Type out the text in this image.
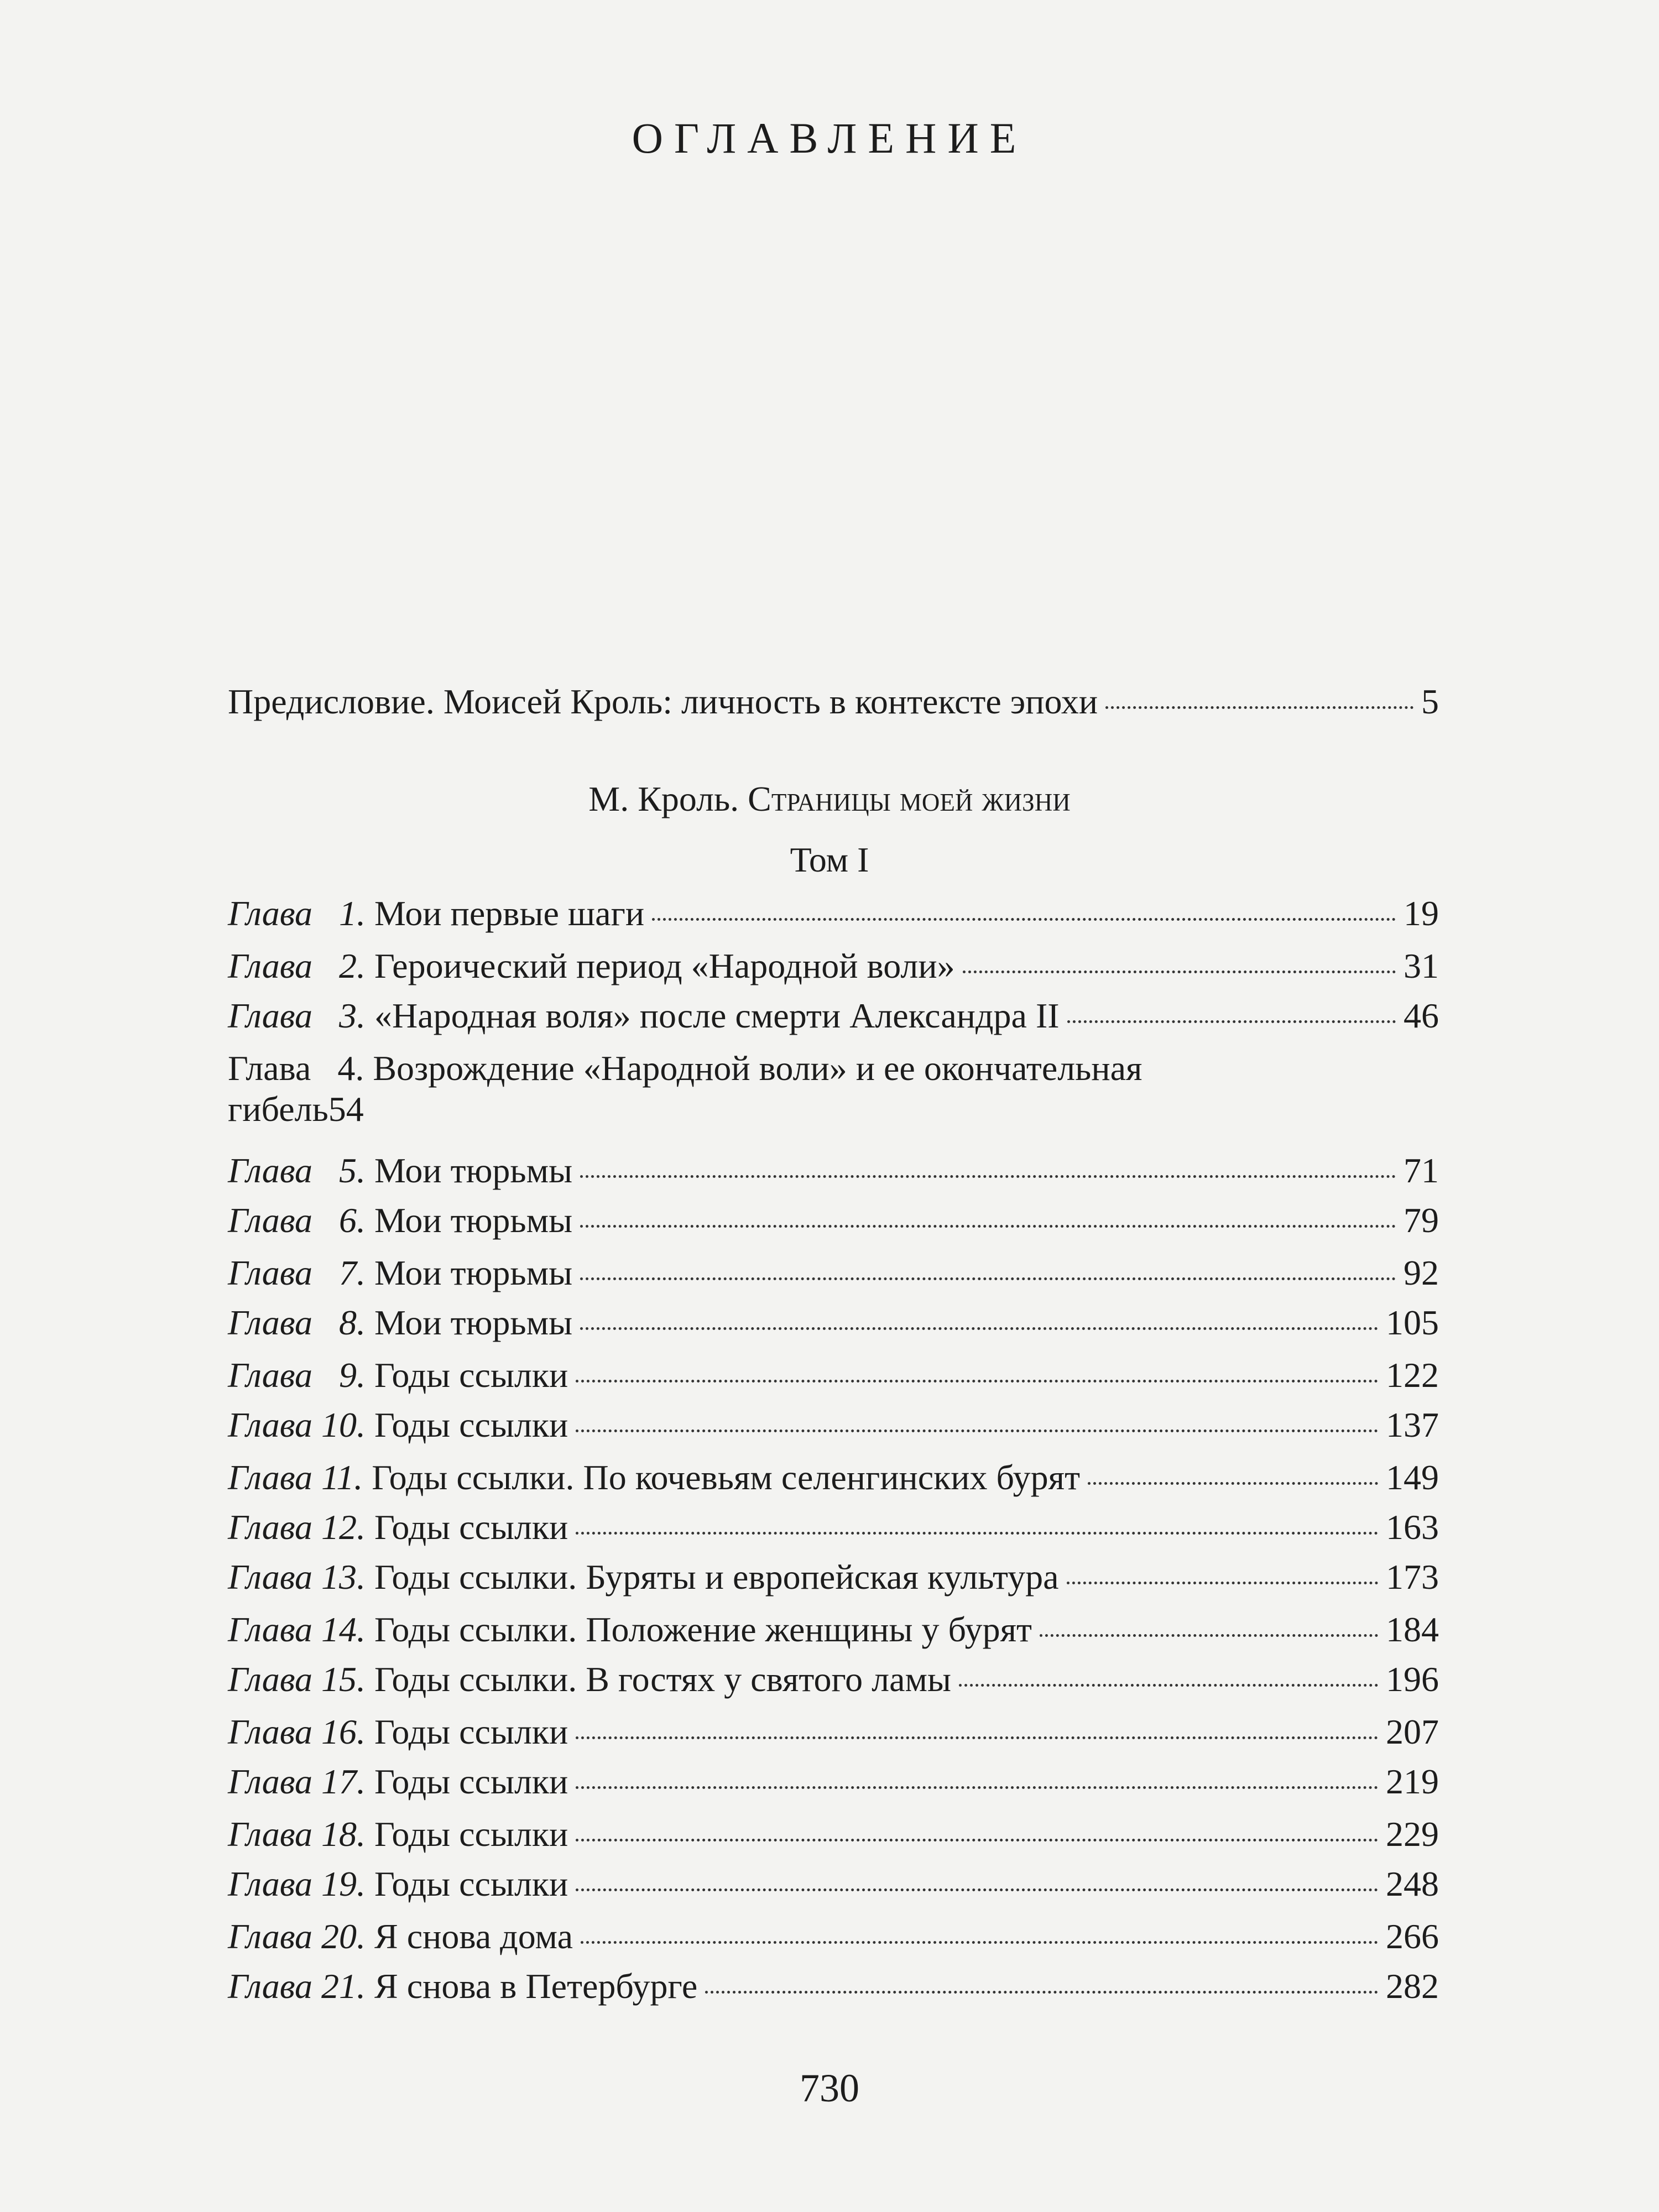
ОГЛАВЛЕНИЕ
Предисловие. Моисей Кроль: личность в контексте эпохи	5
М. Кроль. Страницы моей жизни
Том I
Глава 1. Мои первые шаги	19
Глава 2. Героический период «Народной воли»	31
Глава 3. «Народная воля» после смерти Александра II	46
Глава 4. Возрождение «Народной воли» и ее окончательная
гибель 54
Глава 5. Мои тюрьмы	71
Глава 6. Мои тюрьмы	79
Глава 7. Мои тюрьмы	92
Глава 8. Мои тюрьмы	105
Глава 9. Годы ссылки	122
Глава 10. Годы ссылки	137
Глава 11. Годы ссылки. По кочевьям селенгинских бурят	149
Глава 12. Годы ссылки	163
Глава 13. Годы ссылки. Буряты и европейская культура	173
Глава 14. Годы ссылки. Положение женщины у бурят	184
Глава 15. Годы ссылки. В гостях у святого ламы	196
Глава 16. Годы ссылки	207
Глава 17. Годы ссылки	219
Глава 18. Годы ссылки	229
Глава 19. Годы ссылки	248
Глава 20. Я снова дома	266
Глава 21. Я снова в Петербурге	282
730
